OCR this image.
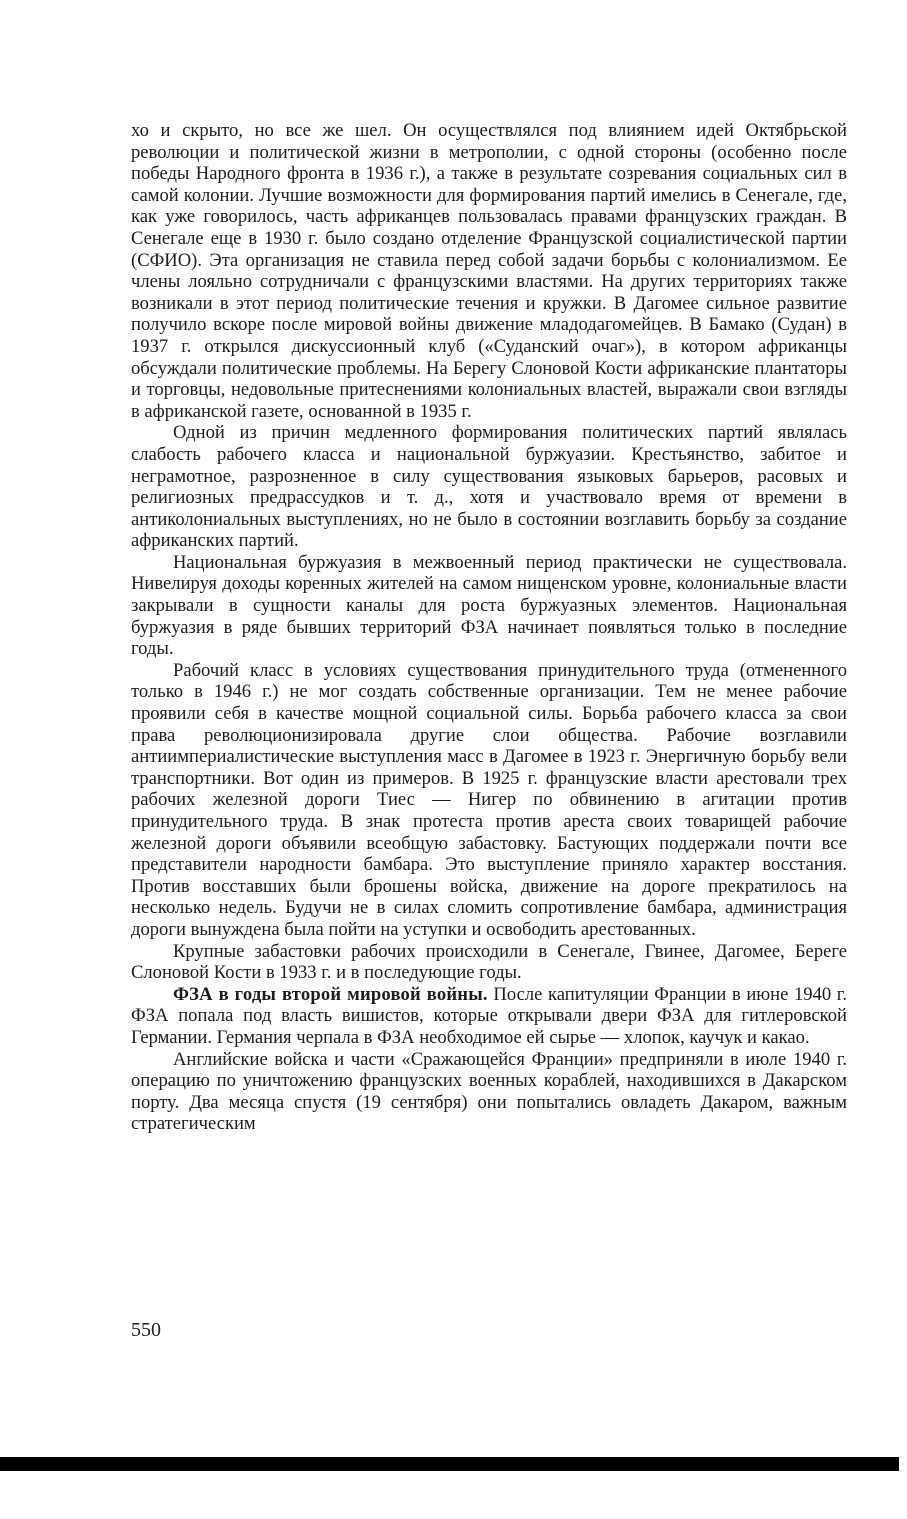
хо и скрыто, но все же шел. Он осуществлялся под влиянием идей Октябрьской революции и политической жизни в метрополии, с одной стороны (особенно после победы Народного фронта в 1936 г.), а также в результате созревания социальных сил в самой колонии. Лучшие возможности для формирования партий имелись в Сенегале, где, как уже говорилось, часть африканцев пользовалась правами французских граждан. В Сенегале еще в 1930 г. было создано отделение Французской социалистической партии (СФИО). Эта организация не ставила перед собой задачи борьбы с колониализмом. Ее члены лояльно сотрудничали с французскими властями. На других территориях также возникали в этот период политические течения и кружки. В Дагомее сильное развитие получило вскоре после мировой войны движение младодагомейцев. В Бамако (Судан) в 1937 г. открылся дискуссионный клуб («Суданский очаг»), в котором африканцы обсуждали политические проблемы. На Берегу Слоновой Кости африканские плантаторы и торговцы, недовольные притеснениями колониальных властей, выражали свои взгляды в африканской газете, основанной в 1935 г.

Одной из причин медленного формирования политических партий являлась слабость рабочего класса и национальной буржуазии. Крестьянство, забитое и неграмотное, разрозненное в силу существования языковых барьеров, расовых и религиозных предрассудков и т. д., хотя и участвовало время от времени в антиколониальных выступлениях, но не было в состоянии возглавить борьбу за создание африканских партий.

Национальная буржуазия в межвоенный период практически не существовала. Нивелируя доходы коренных жителей на самом нищенском уровне, колониальные власти закрывали в сущности каналы для роста буржуазных элементов. Национальная буржуазия в ряде бывших территорий ФЗА начинает появляться только в последние годы.

Рабочий класс в условиях существования принудительного труда (отмененного только в 1946 г.) не мог создать собственные организации. Тем не менее рабочие проявили себя в качестве мощной социальной силы. Борьба рабочего класса за свои права революционизировала другие слои общества. Рабочие возглавили антиимпериалистические выступления масс в Дагомее в 1923 г. Энергичную борьбу вели транспортники. Вот один из примеров. В 1925 г. французские власти арестовали трех рабочих железной дороги Тиес — Нигер по обвинению в агитации против принудительного труда. В знак протеста против ареста своих товарищей рабочие железной дороги объявили всеобщую забастовку. Бастующих поддержали почти все представители народности бамбара. Это выступление приняло характер восстания. Против восставших были брошены войска, движение на дороге прекратилось на несколько недель. Будучи не в силах сломить сопротивление бамбара, администрация дороги вынуждена была пойти на уступки и освободить арестованных.

Крупные забастовки рабочих происходили в Сенегале, Гвинее, Дагомее, Береге Слоновой Кости в 1933 г. и в последующие годы.

ФЗА в годы второй мировой войны. После капитуляции Франции в июне 1940 г. ФЗА попала под власть вишистов, которые открывали двери ФЗА для гитлеровской Германии. Германия черпала в ФЗА необходимое ей сырье — хлопок, каучук и какао.

Английские войска и части «Сражающейся Франции» предприняли в июле 1940 г. операцию по уничтожению французских военных кораблей, находившихся в Дакарском порту. Два месяца спустя (19 сентября) они попытались овладеть Дакаром, важным стратегическим

550
